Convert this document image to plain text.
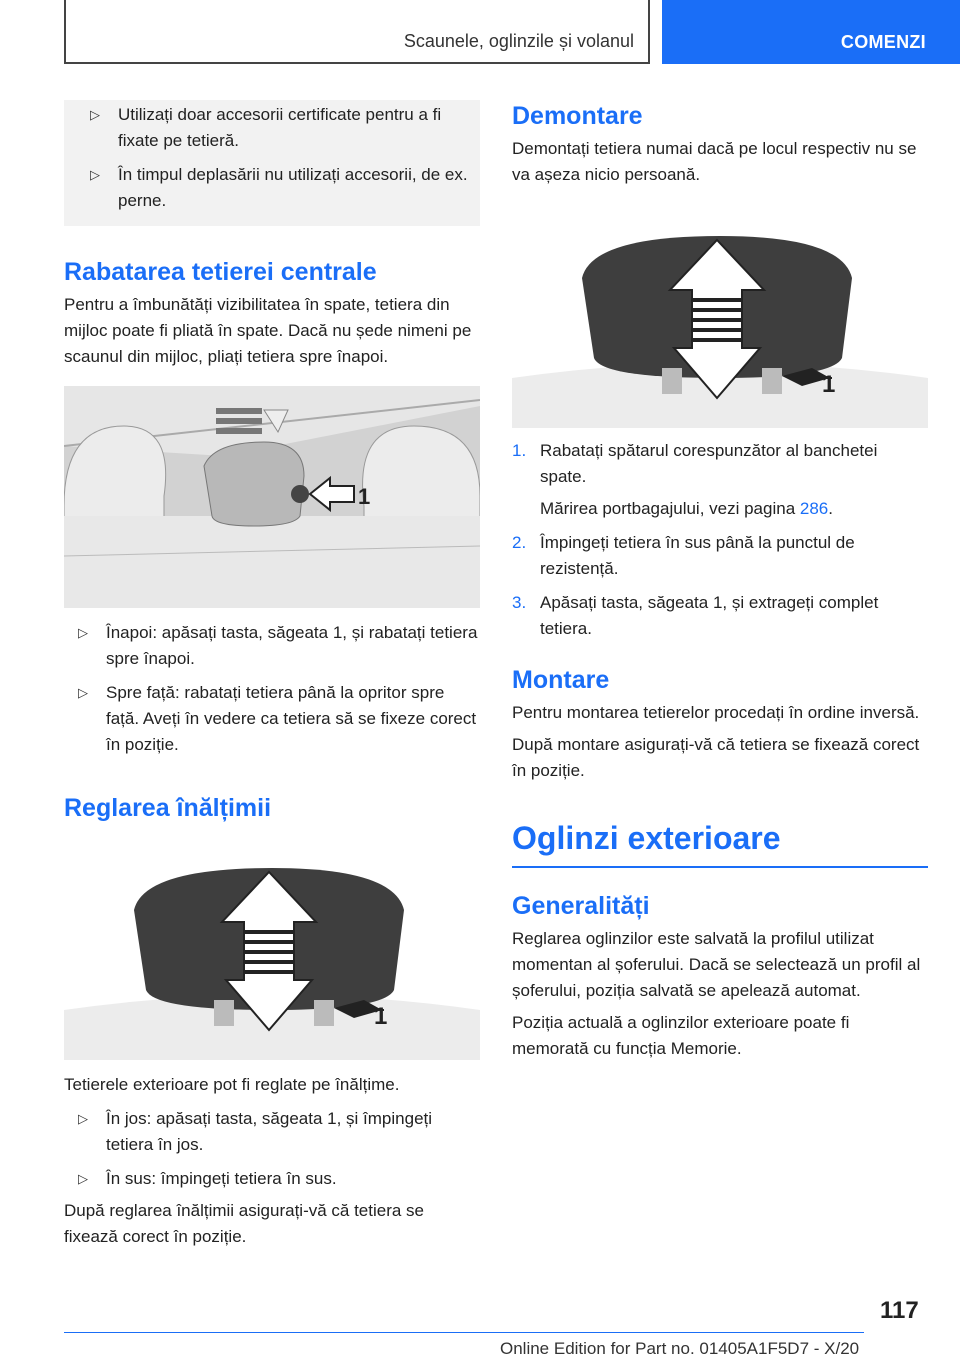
Scaunele, oglinzile și volanul	COMENZI
▷ Utilizați doar accesorii certificate pentru a fi fixate pe tetieră.
▷ În timpul deplasării nu utilizați accesorii, de ex. perne.
Rabatarea tetierei centrale
Pentru a îmbunătăți vizibilitatea în spate, tetiera din mijloc poate fi pliată în spate. Dacă nu șede nimeni pe scaunul din mijloc, pliați tetiera spre înapoi.
1
▷ Înapoi: apăsați tasta, săgeata 1, și rabatați tetiera spre înapoi.
▷ Spre față: rabatați tetiera până la opritor spre față. Aveți în vedere ca tetiera să se fixeze corect în poziție.
Reglarea înălțimii
1

Tetierele exterioare pot fi reglate pe înălțime.

▷ În jos: apăsați tasta, săgeata 1, și împingeți tetiera în jos.
▷ În sus: împingeți tetiera în sus.

După reglarea înălțimii asigurați-vă că tetiera se fixează corect în poziție.

Demontare
Demontați tetiera numai dacă pe locul respectiv nu se va așeza nicio persoană.
1
1. Rabatați spătarul corespunzător al banchetei spate.
Mărirea portbagajului, vezi pagina 286.
2. Împingeți tetiera în sus până la punctul de rezistență.
3. Apăsați tasta, săgeata 1, și extrageți complet tetiera.
Montare
Pentru montarea tetierelor procedați în ordine inversă.

După montare asigurați-vă că tetiera se fixează corect în poziție.

Oglinzi exterioare
Generalități
Reglarea oglinzilor este salvată la profilul utilizat momentan al șoferului. Dacă se selectează un profil al șoferului, poziția salvată se apelează automat.

Poziția actuală a oglinzilor exterioare poate fi memorată cu funcția Memorie.

117
Online Edition for Part no. 01405A1F5D7 - X/20
